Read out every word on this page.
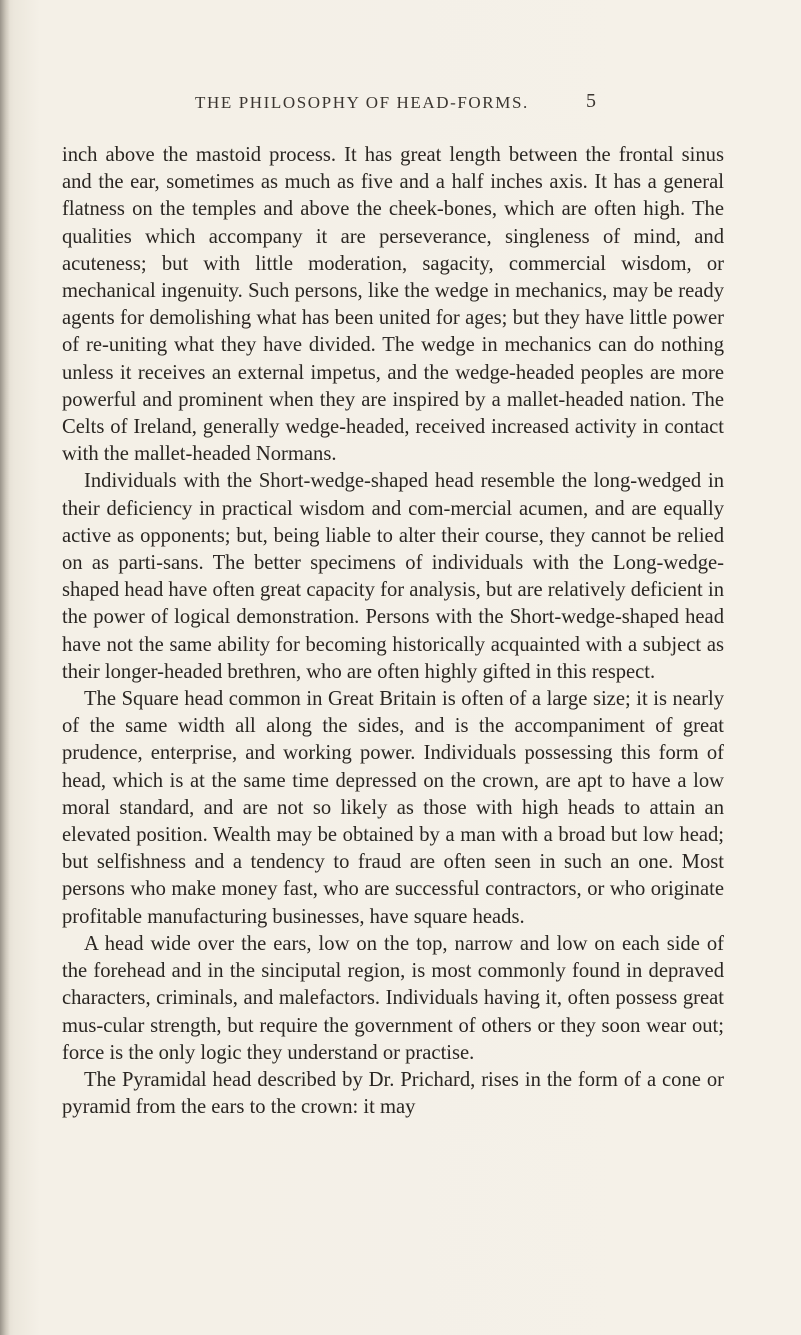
THE PHILOSOPHY OF HEAD-FORMS.	5

inch above the mastoid process. It has great length between the frontal sinus and the ear, sometimes as much as five and a half inches axis. It has a general flatness on the temples and above the cheek-bones, which are often high. The qualities which accompany it are perseverance, singleness of mind, and acuteness; but with little moderation, sagacity, commercial wisdom, or mechanical ingenuity. Such persons, like the wedge in mechanics, may be ready agents for demolishing what has been united for ages; but they have little power of re-uniting what they have divided. The wedge in mechanics can do nothing unless it receives an external impetus, and the wedge-headed peoples are more powerful and prominent when they are inspired by a mallet-headed nation. The Celts of Ireland, generally wedge-headed, received increased activity in contact with the mallet-headed Normans.

Individuals with the Short-wedge-shaped head resemble the long-wedged in their deficiency in practical wisdom and com-mercial acumen, and are equally active as opponents; but, being liable to alter their course, they cannot be relied on as parti-sans. The better specimens of individuals with the Long-wedge-shaped head have often great capacity for analysis, but are relatively deficient in the power of logical demonstration. Persons with the Short-wedge-shaped head have not the same ability for becoming historically acquainted with a subject as their longer-headed brethren, who are often highly gifted in this respect.

The Square head common in Great Britain is often of a large size; it is nearly of the same width all along the sides, and is the accompaniment of great prudence, enterprise, and working power. Individuals possessing this form of head, which is at the same time depressed on the crown, are apt to have a low moral standard, and are not so likely as those with high heads to attain an elevated position. Wealth may be obtained by a man with a broad but low head; but selfishness and a tendency to fraud are often seen in such an one. Most persons who make money fast, who are successful contractors, or who originate profitable manufacturing businesses, have square heads.

A head wide over the ears, low on the top, narrow and low on each side of the forehead and in the sinciputal region, is most commonly found in depraved characters, criminals, and malefactors. Individuals having it, often possess great mus-cular strength, but require the government of others or they soon wear out; force is the only logic they understand or practise.

The Pyramidal head described by Dr. Prichard, rises in the form of a cone or pyramid from the ears to the crown: it may
